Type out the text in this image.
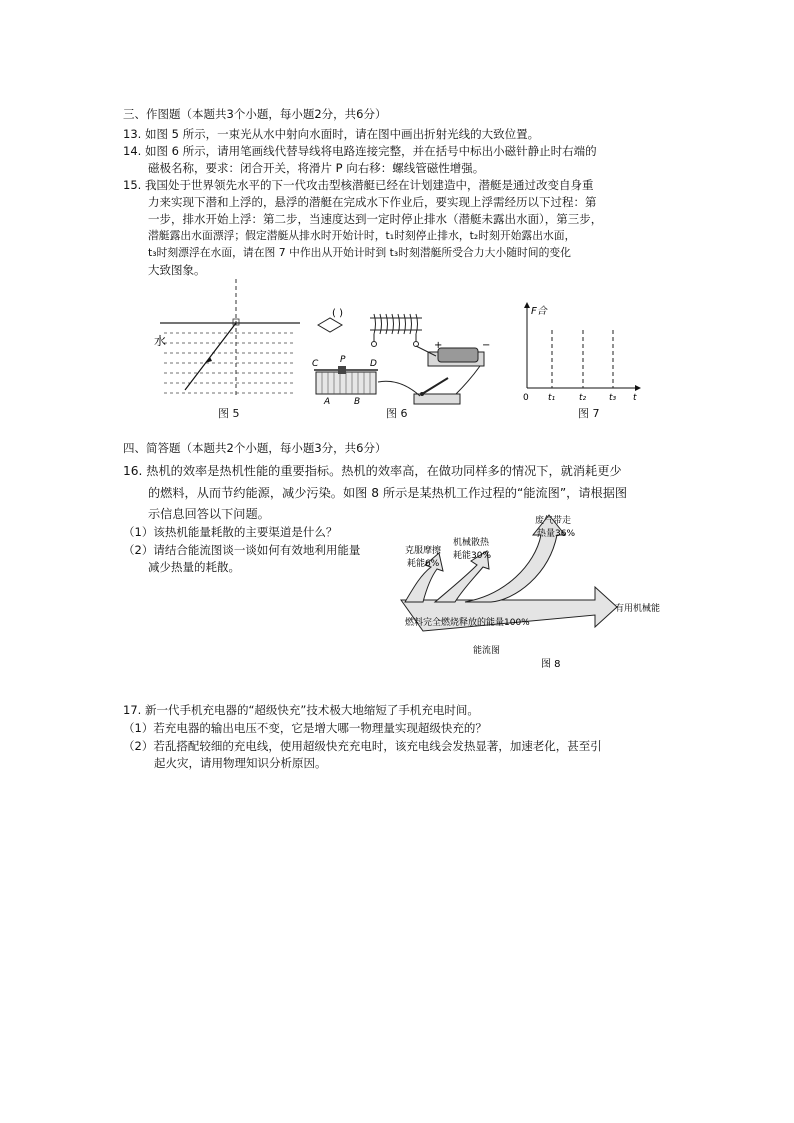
三、作图题（本题共3个小题，每小题2分，共6分）
13. 如图 5 所示，一束光从水中射向水面时，请在图中画出折射光线的大致位置。
14. 如图 6 所示，请用笔画线代替导线将电路连接完整，并在括号中标出小磁针静止时右端的
磁极名称，要求：闭合开关，将滑片 P 向右移：螺线管磁性增强。
15. 我国处于世界领先水平的下一代攻击型核潜艇已经在计划建造中，潜艇是通过改变自身重
力来实现下潜和上浮的，悬浮的潜艇在完成水下作业后，要实现上浮需经历以下过程：第
一步，排水开始上浮：第二步，当速度达到一定时停止排水（潜艇未露出水面），第三步，
潜艇露出水面漂浮；假定潜艇从排水时开始计时，t₁时刻停止排水，t₂时刻开始露出水面，
t₃时刻漂浮在水面，请在图 7 中作出从开始计时到 t₃时刻潜艇所受合力大小随时间的变化
大致图象。
水
图 5
( )
+	−
C P	D
A	B
图 6
F合
0 t₁	t₂	t₃ t
图 7
四、简答题（本题共2个小题，每小题3分，共6分）
16. 热机的效率是热机性能的重要指标。热机的效率高，在做功同样多的情况下，就消耗更少
的燃料，从而节约能源，减少污染。如图 8 所示是某热机工作过程的“能流图”，请根据图
示信息回答以下问题。
（1）该热机能量耗散的主要渠道是什么？
（2）请结合能流图谈一谈如何有效地利用能量
减少热量的耗散。
克服摩擦
耗能6%
机械散热
耗能30%
废气带走
热量36%
有用机械能
燃料完全燃烧释放的能量100%
能流图
图 8
17. 新一代手机充电器的“超级快充”技术极大地缩短了手机充电时间。
（1）若充电器的输出电压不变，它是增大哪一物理量实现超级快充的？
（2）若乱搭配较细的充电线，使用超级快充充电时，该充电线会发热显著，加速老化，甚至引
起火灾，请用物理知识分析原因。
